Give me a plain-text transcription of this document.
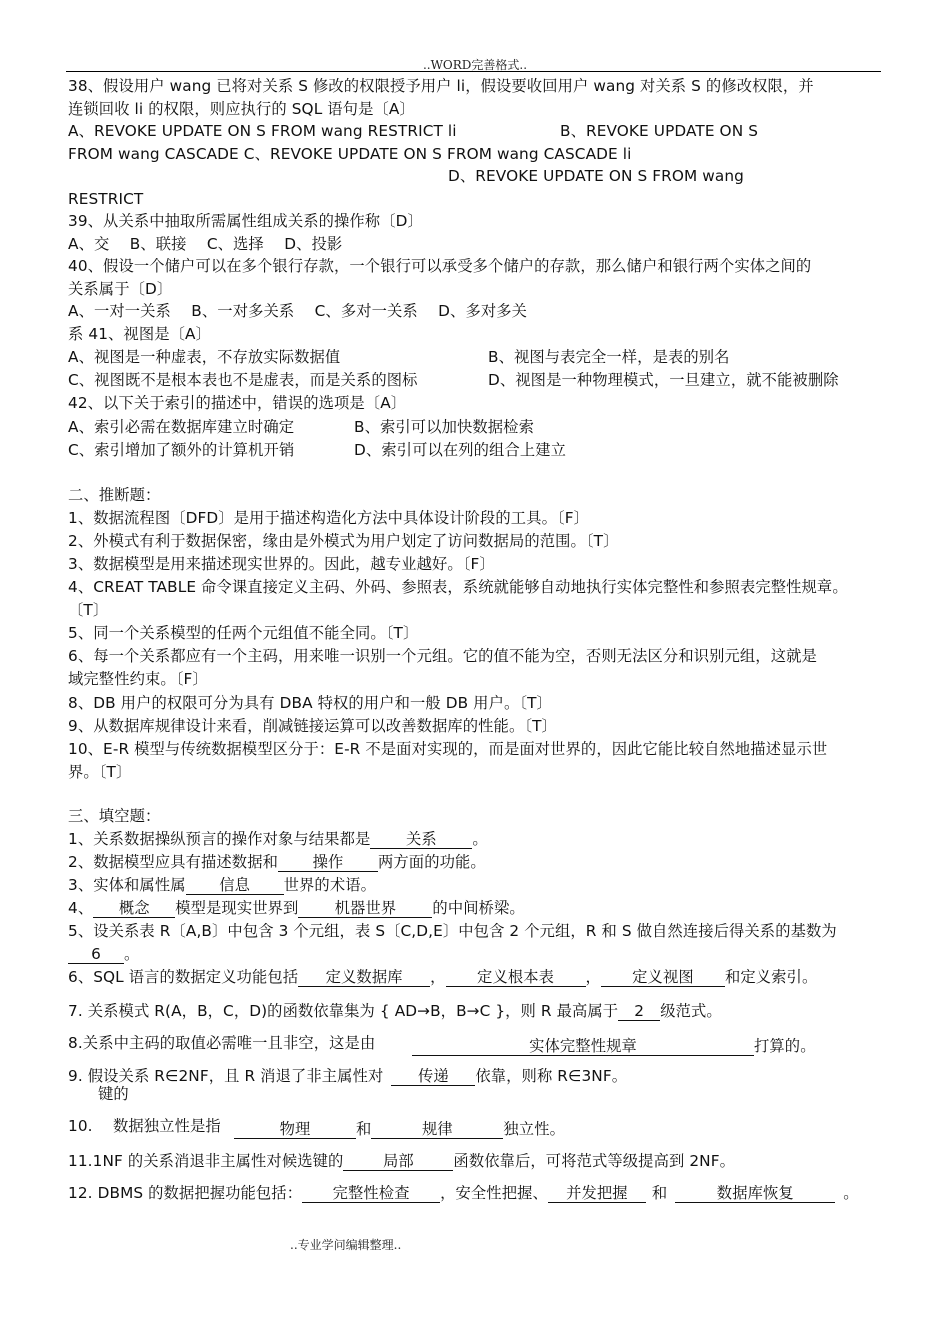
..WORD完善格式..
38、假设用户 wang 已将对关系 S 修改的权限授予用户 li，假设要收回用户 wang 对关系 S 的修改权限，并
连锁回收 li 的权限，则应执行的 SQL 语句是〔A〕
A、REVOKE UPDATE ON S FROM wang RESTRICT li	B、REVOKE UPDATE ON S
FROM wang CASCADE C、REVOKE UPDATE ON S FROM wang CASCADE li
D、REVOKE UPDATE ON S FROM wang
RESTRICT
39、从关系中抽取所需属性组成关系的操作称〔D〕
A、交　 B、联接　 C、选择　 D、投影
40、假设一个储户可以在多个银行存款，一个银行可以承受多个储户的存款，那么储户和银行两个实体之间的
关系属于〔D〕
A、一对一关系　 B、一对多关系　 C、多对一关系　 D、多对多关
系 41、视图是〔A〕
A、视图是一种虚表，不存放实际数据值	B、视图与表完全一样，是表的别名
C、视图既不是根本表也不是虚表，而是关系的图标	D、视图是一种物理模式，一旦建立，就不能被删除
42、以下关于索引的描述中，错误的选项是〔A〕
A、索引必需在数据库建立时确定	B、索引可以加快数据检索
C、索引增加了额外的计算机开销	D、索引可以在列的组合上建立
二、推断题：
1、数据流程图〔DFD〕是用于描述构造化方法中具体设计阶段的工具。〔F〕
2、外模式有利于数据保密，缘由是外模式为用户划定了访问数据局的范围。〔T〕
3、数据模型是用来描述现实世界的。因此，越专业越好。〔F〕
4、CREAT TABLE 命令课直接定义主码、外码、参照表，系统就能够自动地执行实体完整性和参照表完整性规章。
〔T〕
5、同一个关系模型的任两个元组值不能全同。〔T〕
6、每一个关系都应有一个主码，用来唯一识别一个元组。它的值不能为空，否则无法区分和识别元组，这就是
域完整性约束。〔F〕
8、DB 用户的权限可分为具有 DBA 特权的用户和一般 DB 用户。〔T〕
9、从数据库规律设计来看，削减链接运算可以改善数据库的性能。〔T〕
10、E-R 模型与传统数据模型区分于：E-R 不是面对实现的，而是面对世界的，因此它能比较自然地描述显示世
界。〔T〕
三、填空题：
1、关系数据操纵预言的操作对象与结果都是 关系 。
2、数据模型应具有描述数据和 操作 两方面的功能。
3、实体和属性属 信息 世界的术语。
4、 概念 模型是现实世界到 机器世界 的中间桥梁。
5、设关系表 R〔A,B〕中包含 3 个元组，表 S〔C,D,E〕中包含 2 个元组，R 和 S 做自然连接后得关系的基数为
6 。
6、SQL 语言的数据定义功能包括 定义数据库 ， 定义根本表 ， 定义视图 和定义索引。
7. 关系模式 R(A，B，C，D)的函数依靠集为 { AD→B，B→C }，则 R 最高属于 2 级范式。
8.关系中主码的取值必需唯一且非空，这是由	实体完整性规章	打算的。
9. 假设关系 R∈2NF，且 R 消退了非主属性对 传递 依靠，则称 R∈3NF。
键的
10.　 数据独立性是指	物理	和	规律	独立性。
11.1NF 的关系消退非主属性对候选键的	局部	函数依靠后，可将范式等级提高到 2NF。
12. DBMS 的数据把握功能包括： 完整性检查 ，安全性把握、 并发把握 和	数据库恢复	。
..专业学问编辑整理..
